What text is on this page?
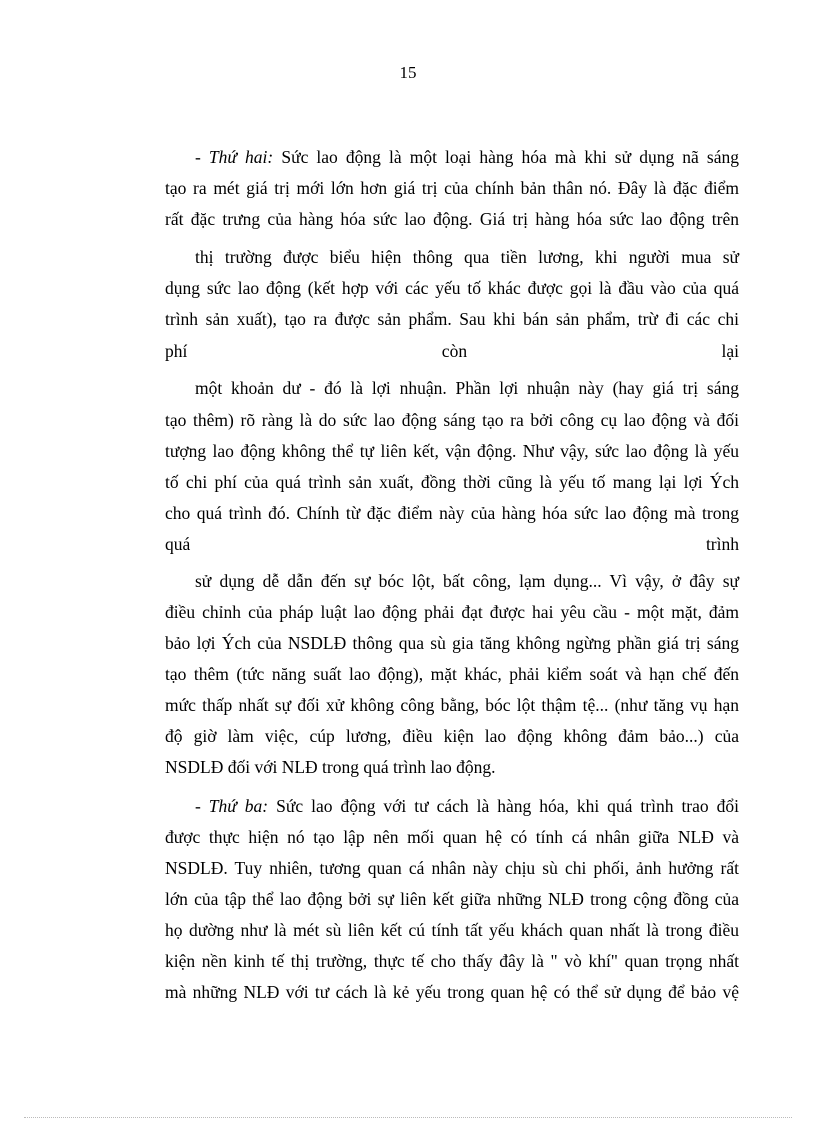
15
- Thứ hai: Sức lao động là một loại hàng hóa mà khi sử dụng nã sáng
tạo ra mét giá trị mới lớn hơn giá trị của chính bản thân nó. Đây là đặc điểm
rất đặc trưng của hàng hóa sức lao động. Giá trị hàng hóa sức lao động trên
thị trường được biểu hiện thông qua tiền lương, khi người mua sử
dụng sức lao động (kết hợp với các yếu tố khác được gọi là đầu vào của quá
trình sản xuất), tạo ra được sản phẩm. Sau khi bán sản phẩm, trừ đi các chi
phí còn lại
một khoản dư - đó là lợi nhuận. Phần lợi nhuận này (hay giá trị sáng
tạo thêm) rõ ràng là do sức lao động sáng tạo ra bởi công cụ lao động và đối
tượng lao động không thể tự liên kết, vận động. Như vậy, sức lao động là yếu
tố chi phí của quá trình sản xuất, đồng thời cũng là yếu tố mang lại lợi Ých
cho quá trình đó. Chính từ đặc điểm này của hàng hóa sức lao động mà trong
quá trình
sử dụng dễ dẫn đến sự bóc lột, bất công, lạm dụng... Vì vậy, ở đây sự
điều chỉnh của pháp luật lao động phải đạt được hai yêu cầu - một mặt, đảm
bảo lợi Ých của NSDLĐ thông qua sù gia tăng không ngừng phần giá trị sáng
tạo thêm (tức năng suất lao động), mặt khác, phải kiểm soát và hạn chế đến
mức thấp nhất sự đối xử không công bằng, bóc lột thậm tệ... (như tăng vụ hạn
độ giờ làm việc, cúp lương, điều kiện lao động không đảm bảo...) của
NSDLĐ đối với NLĐ trong quá trình lao động.
- Thứ ba: Sức lao động với tư cách là hàng hóa, khi quá trình trao đổi
được thực hiện nó tạo lập nên mối quan hệ có tính cá nhân giữa NLĐ và
NSDLĐ. Tuy nhiên, tương quan cá nhân này chịu sù chi phối, ảnh hưởng rất
lớn của tập thể lao động bởi sự liên kết giữa những NLĐ trong cộng đồng của
họ dường như là mét sù liên kết cú tính tất yếu khách quan nhất là trong điều
kiện nền kinh tế thị trường, thực tế cho thấy đây là " vò khí" quan trọng nhất
mà những NLĐ với tư cách là kẻ yếu trong quan hệ có thể sử dụng để bảo vệ
